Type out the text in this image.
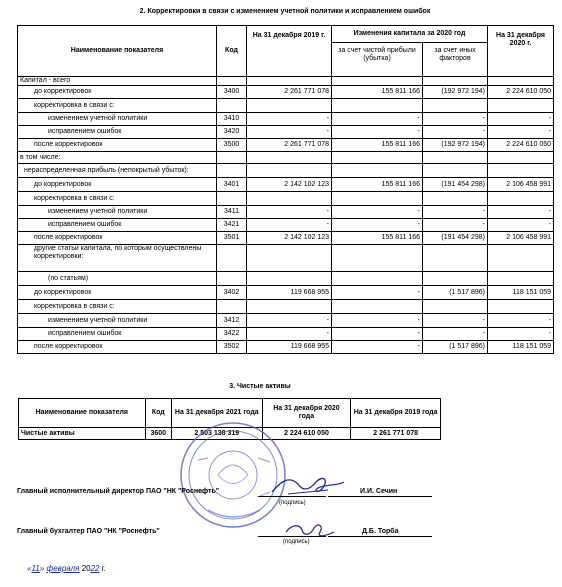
2. Корректировки в связи с изменением учетной политики и исправлением ошибок
Наименование показателя	Код	На 31 декабря 2019 г.	Изменения капитала за 2020 год		На 31 декабря 2020 г.
			за счет чистой прибыли (убытка)	за счет иных факторов	
Капитал - всего					
до корректировок	3400	2 261 771 078	155 811 166	(192 972 194)	2 224 610 050
корректировка в связи с:					
изменением учетной политики	3410	-	-	-	-
исправлением ошибок	3420	-	-	-	-
после корректировок	3500	2 261 771 078	155 811 166	(192 972 194)	2 224 610 050
в том числе:					
нераспределенная прибыль (непокрытый убыток):					
до корректировок	3401	2 142 102 123	155 811 166	(191 454 298)	2 106 458 991
корректировка в связи с:					
изменением учетной политики	3411	-	-	-	-
исправлением ошибок	3421	-	-	-	-
после корректировок	3501	2 142 102 123	155 811 166	(191 454 298)	2 106 458 991
другие статьи капитала, по которым осуществлены корректировки:					
(по статьям)					
до корректировок	3402	119 668 955	-	(1 517 896)	118 151 059
корректировка в связи с:					
изменением учетной политики	3412	-	-	-	-
исправлением ошибок	3422	-	-	-	-
после корректировок	3502	119 668 955	-	(1 517 896)	118 151 059
3. Чистые активы
Наименование показателя	Код	На 31 декабря 2021 года	На 31 декабря 2020 года	На 31 декабря 2019 года
Чистые активы	3600	2 503 138 319	2 224 610 050	2 261 771 078
Главный исполнительный директор ПАО "НК "Роснефть"
(подпись)
И.И. Сечин
Главный бухгалтер ПАО "НК "Роснефть"
(подпись)
Д.Б. Торба
«11» февраля 2022 г.
